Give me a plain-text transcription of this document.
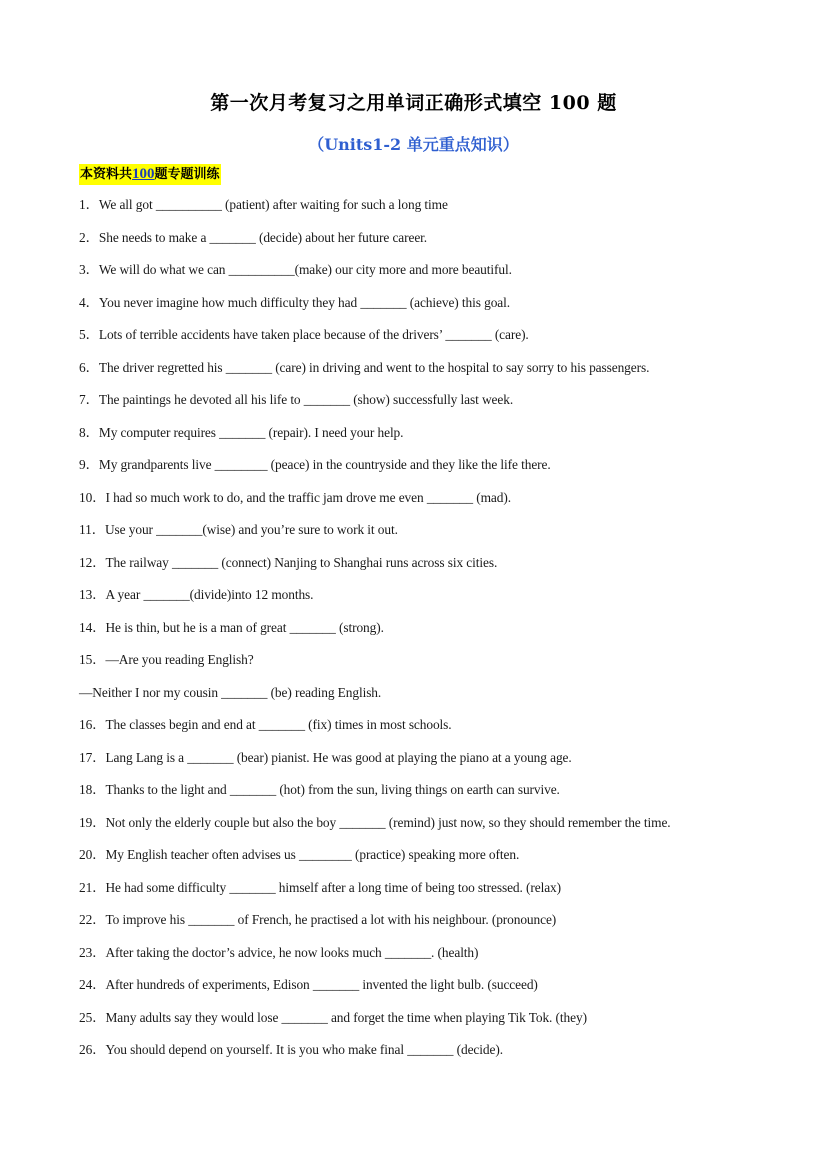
第一次月考复习之用单词正确形式填空 100 题
（Units1-2 单元重点知识）
本资料共100题专题训练
1．We all got __________ (patient) after waiting for such a long time
2．She needs to make a _______ (decide) about her future career.
3．We will do what we can __________(make) our city more and more beautiful.
4．You never imagine how much difficulty they had _______ (achieve) this goal.
5．Lots of terrible accidents have taken place because of the drivers’ _______ (care).
6．The driver regretted his _______ (care) in driving and went to the hospital to say sorry to his passengers.
7．The paintings he devoted all his life to _______ (show) successfully last week.
8．My computer requires _______ (repair). I need your help.
9．My grandparents live ________ (peace) in the countryside and they like the life there.
10．I had so much work to do, and the traffic jam drove me even _______ (mad).
11．Use your _______(wise) and you’re sure to work it out.
12．The railway _______ (connect) Nanjing to Shanghai runs across six cities.
13．A year _______(divide)into 12 months.
14．He is thin, but he is a man of great _______ (strong).
15．—Are you reading English?
—Neither I nor my cousin _______ (be) reading English.
16．The classes begin and end at _______ (fix) times in most schools.
17．Lang Lang is a _______ (bear) pianist. He was good at playing the piano at a young age.
18．Thanks to the light and _______ (hot) from the sun, living things on earth can survive.
19．Not only the elderly couple but also the boy _______ (remind) just now, so they should remember the time.
20．My English teacher often advises us ________ (practice) speaking more often.
21．He had some difficulty _______ himself after a long time of being too stressed. (relax)
22．To improve his _______ of French, he practised a lot with his neighbour. (pronounce)
23．After taking the doctor’s advice, he now looks much _______. (health)
24．After hundreds of experiments, Edison _______ invented the light bulb. (succeed)
25．Many adults say they would lose _______ and forget the time when playing Tik Tok. (they)
26．You should depend on yourself. It is you who make final _______ (decide).
